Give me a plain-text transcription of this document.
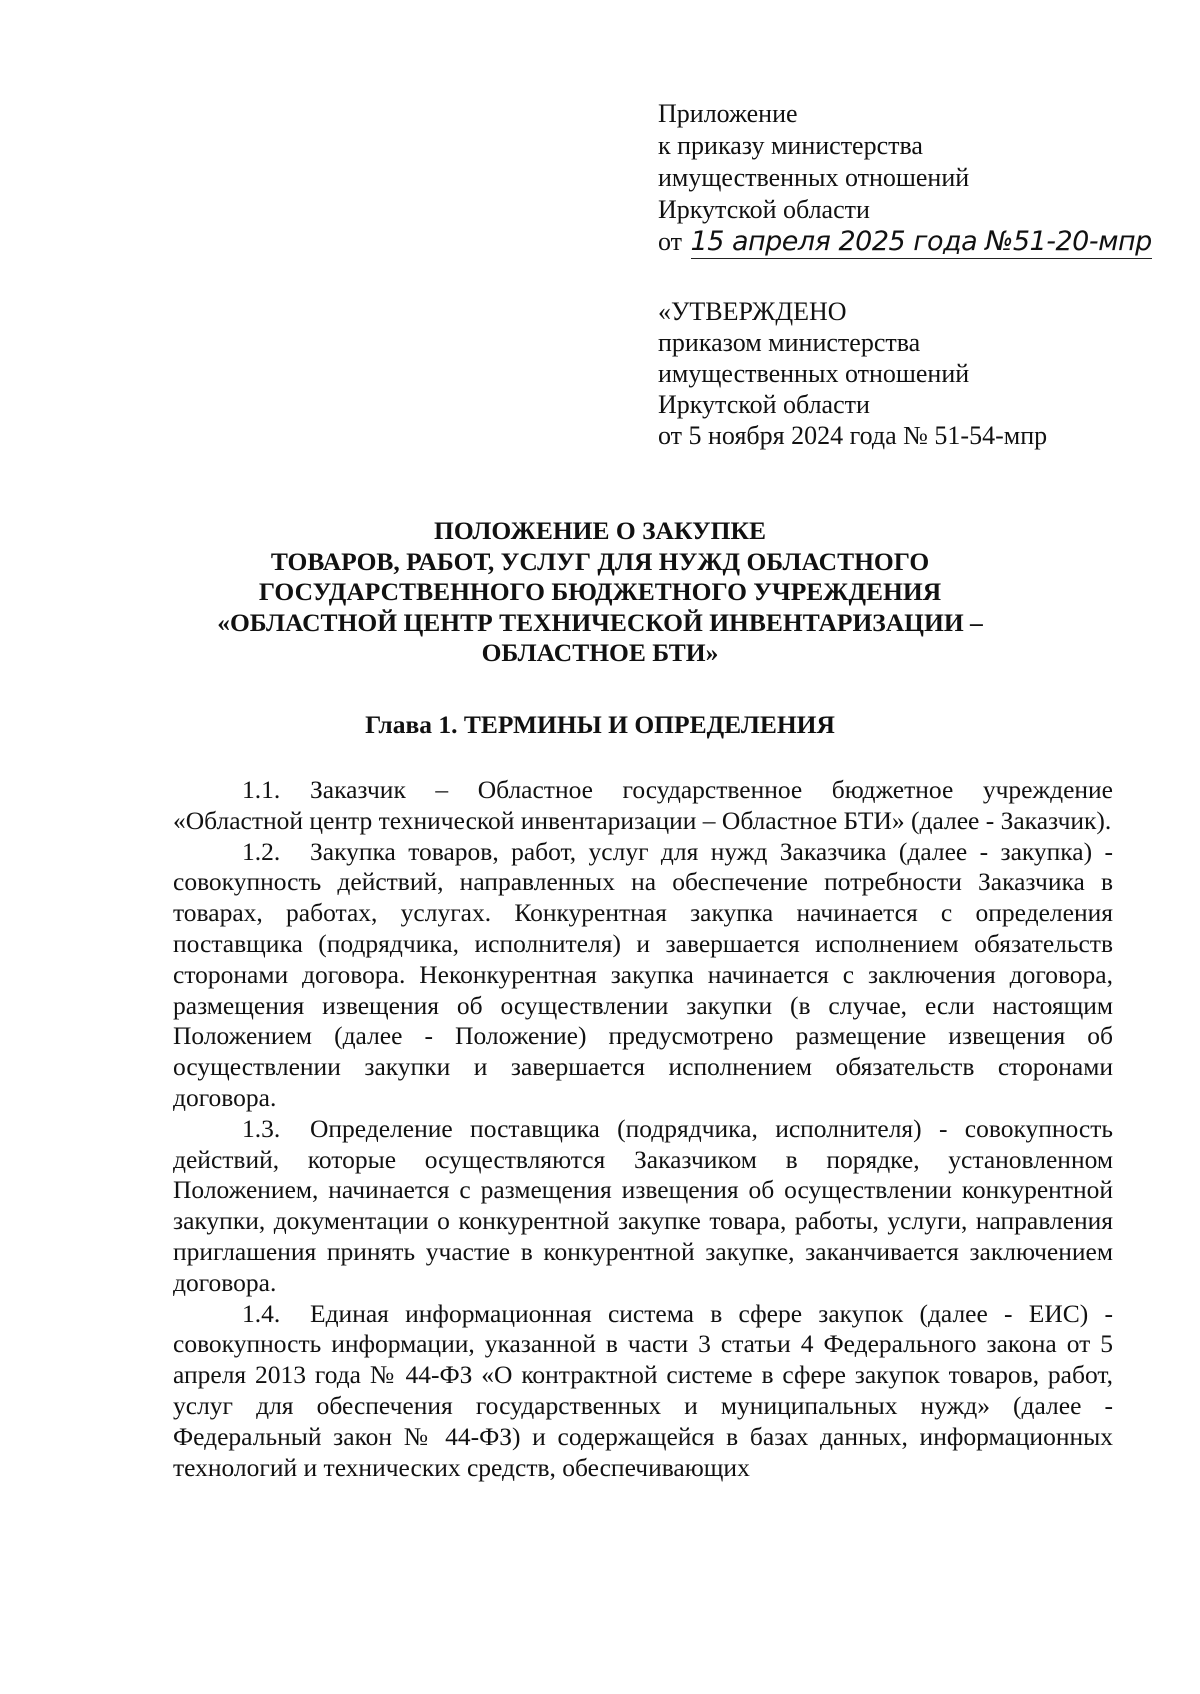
Приложение
к приказу министерства
имущественных отношений
Иркутской области
от 15 апреля 2025 года №51-20-мпр
«УТВЕРЖДЕНО
приказом министерства
имущественных отношений
Иркутской области
от 5 ноября 2024 года № 51-54-мпр
ПОЛОЖЕНИЕ О ЗАКУПКЕ
ТОВАРОВ, РАБОТ, УСЛУГ ДЛЯ НУЖД ОБЛАСТНОГО
ГОСУДАРСТВЕННОГО БЮДЖЕТНОГО УЧРЕЖДЕНИЯ
«ОБЛАСТНОЙ ЦЕНТР ТЕХНИЧЕСКОЙ ИНВЕНТАРИЗАЦИИ –
ОБЛАСТНОЕ БТИ»
Глава 1. ТЕРМИНЫ И ОПРЕДЕЛЕНИЯ

1.1. Заказчик – Областное государственное бюджетное учреждение «Областной центр технической инвентаризации – Областное БТИ» (далее - Заказчик).

1.2. Закупка товаров, работ, услуг для нужд Заказчика (далее - закупка) - совокупность действий, направленных на обеспечение потребности Заказчика в товарах, работах, услугах. Конкурентная закупка начинается с определения поставщика (подрядчика, исполнителя) и завершается исполнением обязательств сторонами договора. Неконкурентная закупка начинается с заключения договора, размещения извещения об осуществлении закупки (в случае, если настоящим Положением (далее - Положение) предусмотрено размещение извещения об осуществлении закупки и завершается исполнением обязательств сторонами договора.

1.3. Определение поставщика (подрядчика, исполнителя) - совокупность действий, которые осуществляются Заказчиком в порядке, установленном Положением, начинается с размещения извещения об осуществлении конкурентной закупки, документации о конкурентной закупке товара, работы, услуги, направления приглашения принять участие в конкурентной закупке, заканчивается заключением договора.

1.4. Единая информационная система в сфере закупок (далее - ЕИС) - совокупность информации, указанной в части 3 статьи 4 Федерального закона от 5 апреля 2013 года № 44-ФЗ «О контрактной системе в сфере закупок товаров, работ, услуг для обеспечения государственных и муниципальных нужд» (далее - Федеральный закон № 44-ФЗ) и содержащейся в базах данных, информационных технологий и технических средств, обеспечивающих
